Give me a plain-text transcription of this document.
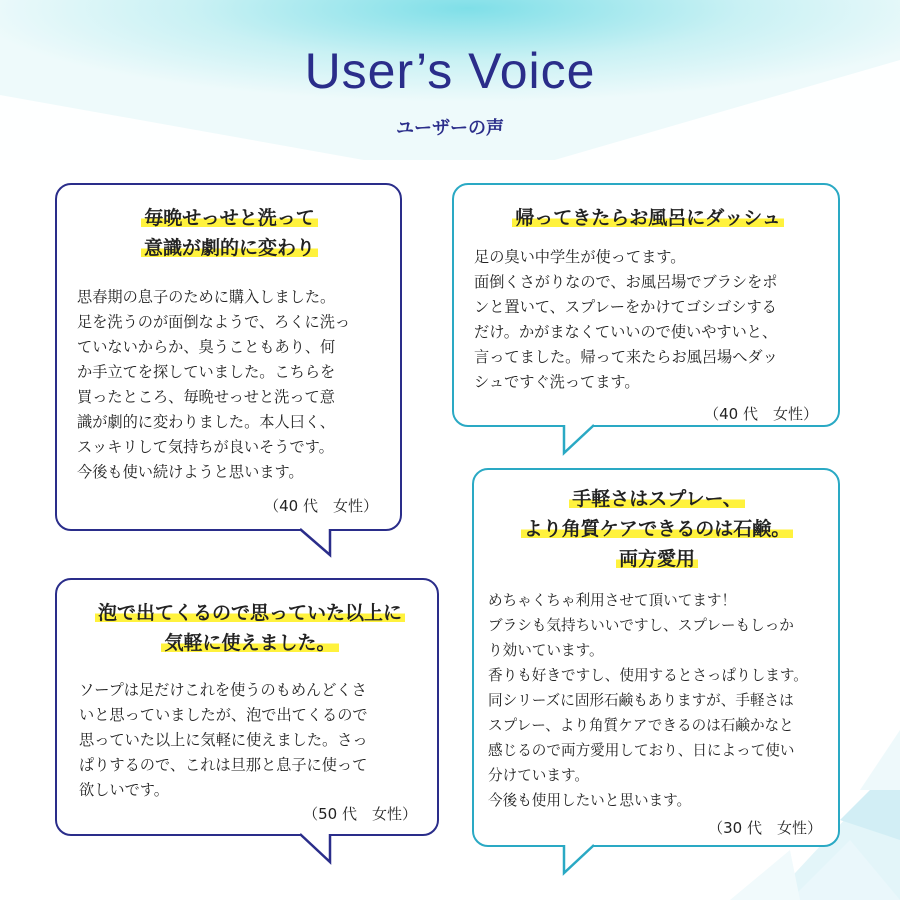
User’s Voice
ユーザーの声
毎晩せっせと洗って
意識が劇的に変わり
思春期の息子のために購入しました。
足を洗うのが面倒なようで、ろくに洗っ
ていないからか、臭うこともあり、何
か手立てを探していました。こちらを
買ったところ、毎晩せっせと洗って意
識が劇的に変わりました。本人曰く、
スッキリして気持ちが良いそうです。
今後も使い続けようと思います。
（40 代　女性）
帰ってきたらお風呂にダッシュ
足の臭い中学生が使ってます。
面倒くさがりなので、お風呂場でブラシをポ
ンと置いて、スプレーをかけてゴシゴシする
だけ。かがまなくていいので使いやすいと、
言ってました。帰って来たらお風呂場へダッ
シュですぐ洗ってます。
（40 代　女性）
泡で出てくるので思っていた以上に
気軽に使えました。
ソープは足だけこれを使うのもめんどくさ
いと思っていましたが、泡で出てくるので
思っていた以上に気軽に使えました。さっ
ぱりするので、これは旦那と息子に使って
欲しいです。
（50 代　女性）
手軽さはスプレー、
より角質ケアできるのは石鹸。
両方愛用
めちゃくちゃ利用させて頂いてます！
ブラシも気持ちいいですし、スプレーもしっか
り効いています。
香りも好きですし、使用するとさっぱりします。
同シリーズに固形石鹸もありますが、手軽さは
スプレー、より角質ケアできるのは石鹸かなと
感じるので両方愛用しており、日によって使い
分けています。
今後も使用したいと思います。
（30 代　女性）
